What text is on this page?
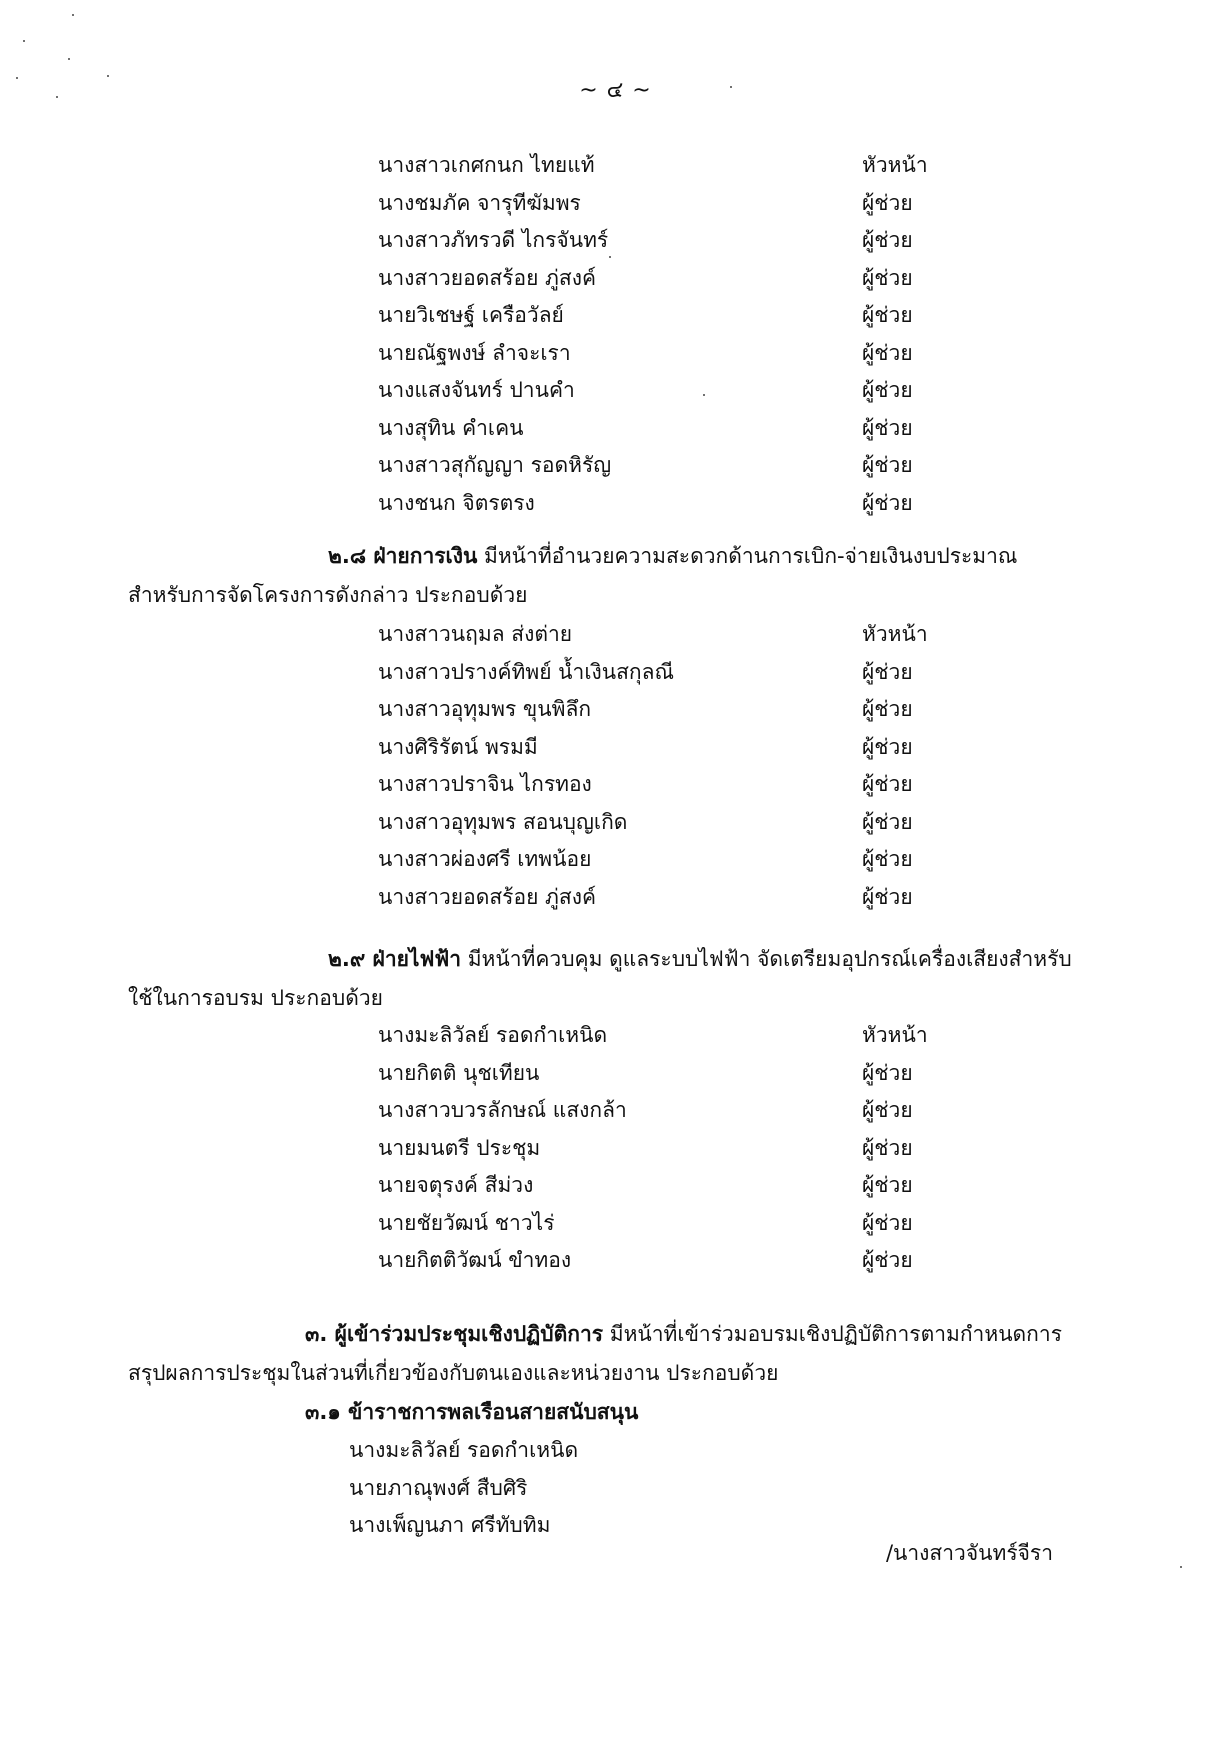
~ ๔ ~
นางสาวเกศกนก ไทยแท้	หัวหน้า
นางชมภัค จารุทีฆัมพร	ผู้ช่วย
นางสาวภัทรวดี ไกรจันทร์	ผู้ช่วย
นางสาวยอดสร้อย ภู่สงค์	ผู้ช่วย
นายวิเชษฐ์ เครือวัลย์	ผู้ช่วย
นายณัฐพงษ์ ลำจะเรา	ผู้ช่วย
นางแสงจันทร์ ปานคำ	ผู้ช่วย
นางสุทิน คำเคน	ผู้ช่วย
นางสาวสุกัญญา รอดหิรัญ	ผู้ช่วย
นางชนก จิตรตรง	ผู้ช่วย
๒.๘ ฝ่ายการเงิน มีหน้าที่อำนวยความสะดวกด้านการเบิก-จ่ายเงินงบประมาณ
สำหรับการจัดโครงการดังกล่าว ประกอบด้วย
นางสาวนฤมล ส่งต่าย	หัวหน้า
นางสาวปรางค์ทิพย์ น้ำเงินสกุลณี	ผู้ช่วย
นางสาวอุทุมพร ขุนพิลึก	ผู้ช่วย
นางศิริรัตน์ พรมมี	ผู้ช่วย
นางสาวปราจิน ไกรทอง	ผู้ช่วย
นางสาวอุทุมพร สอนบุญเกิด	ผู้ช่วย
นางสาวผ่องศรี เทพน้อย	ผู้ช่วย
นางสาวยอดสร้อย ภู่สงค์	ผู้ช่วย
๒.๙ ฝ่ายไฟฟ้า มีหน้าที่ควบคุม ดูแลระบบไฟฟ้า จัดเตรียมอุปกรณ์เครื่องเสียงสำหรับ
ใช้ในการอบรม ประกอบด้วย
นางมะลิวัลย์ รอดกำเหนิด	หัวหน้า
นายกิตติ นุชเทียน	ผู้ช่วย
นางสาวบวรลักษณ์ แสงกล้า	ผู้ช่วย
นายมนตรี ประชุม	ผู้ช่วย
นายจตุรงค์ สีม่วง	ผู้ช่วย
นายชัยวัฒน์ ชาวไร่	ผู้ช่วย
นายกิตติวัฒน์ ขำทอง	ผู้ช่วย
๓. ผู้เข้าร่วมประชุมเชิงปฏิบัติการ มีหน้าที่เข้าร่วมอบรมเชิงปฏิบัติการตามกำหนดการ
สรุปผลการประชุมในส่วนที่เกี่ยวข้องกับตนเองและหน่วยงาน ประกอบด้วย
๓.๑ ข้าราชการพลเรือนสายสนับสนุน
นางมะลิวัลย์ รอดกำเหนิด
นายภาณุพงศ์ สืบศิริ
นางเพ็ญนภา ศรีทับทิม
/นางสาวจันทร์จีรา
